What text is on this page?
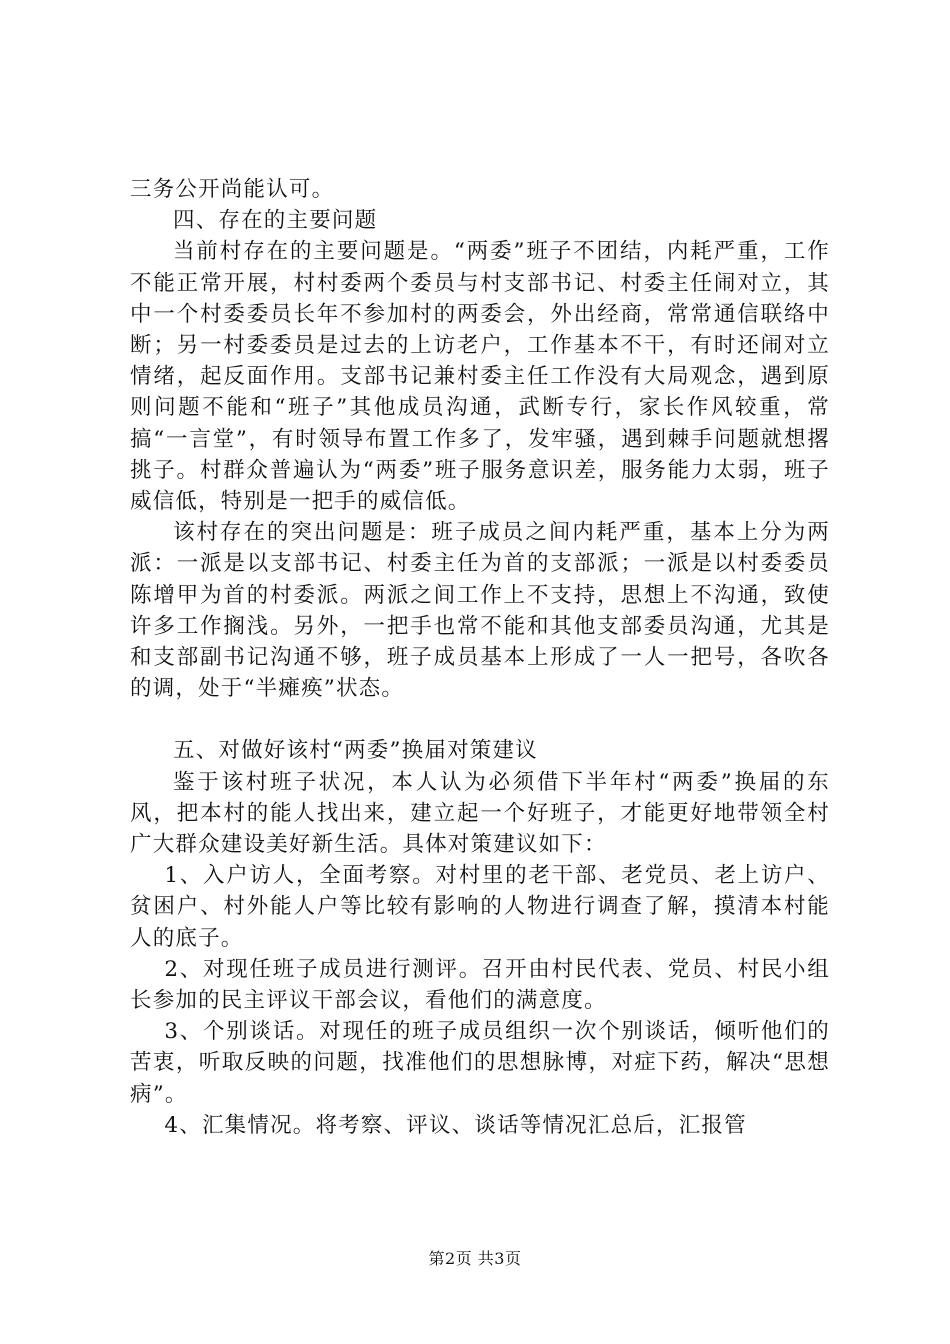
三务公开尚能认可。

四、存在的主要问题

当前村存在的主要问题是。“两委”班子不团结，内耗严重，工作不能正常开展，村村委两个委员与村支部书记、村委主任闹对立，其中一个村委委员长年不参加村的两委会，外出经商，常常通信联络中断；另一村委委员是过去的上访老户，工作基本不干，有时还闹对立情绪，起反面作用。支部书记兼村委主任工作没有大局观念，遇到原则问题不能和“班子”其他成员沟通，武断专行，家长作风较重，常搞“一言堂”，有时领导布置工作多了，发牢骚，遇到棘手问题就想撂挑子。村群众普遍认为“两委”班子服务意识差，服务能力太弱，班子威信低，特别是一把手的威信低。

该村存在的突出问题是：班子成员之间内耗严重，基本上分为两派：一派是以支部书记、村委主任为首的支部派；一派是以村委委员陈增甲为首的村委派。两派之间工作上不支持，思想上不沟通，致使许多工作搁浅。另外，一把手也常不能和其他支部委员沟通，尤其是和支部副书记沟通不够，班子成员基本上形成了一人一把号，各吹各的调，处于“半瘫痪”状态。

五、对做好该村“两委”换届对策建议

鉴于该村班子状况，本人认为必须借下半年村“两委”换届的东风，把本村的能人找出来，建立起一个好班子，才能更好地带领全村广大群众建设美好新生活。具体对策建议如下：

1、入户访人，全面考察。对村里的老干部、老党员、老上访户、贫困户、村外能人户等比较有影响的人物进行调查了解，摸清本村能人的底子。

2、对现任班子成员进行测评。召开由村民代表、党员、村民小组长参加的民主评议干部会议，看他们的满意度。

3、个别谈话。对现任的班子成员组织一次个别谈话，倾听他们的苦衷，听取反映的问题，找准他们的思想脉博，对症下药，解决“思想病”。

4、汇集情况。将考察、评议、谈话等情况汇总后，汇报管

第2页 共3页
